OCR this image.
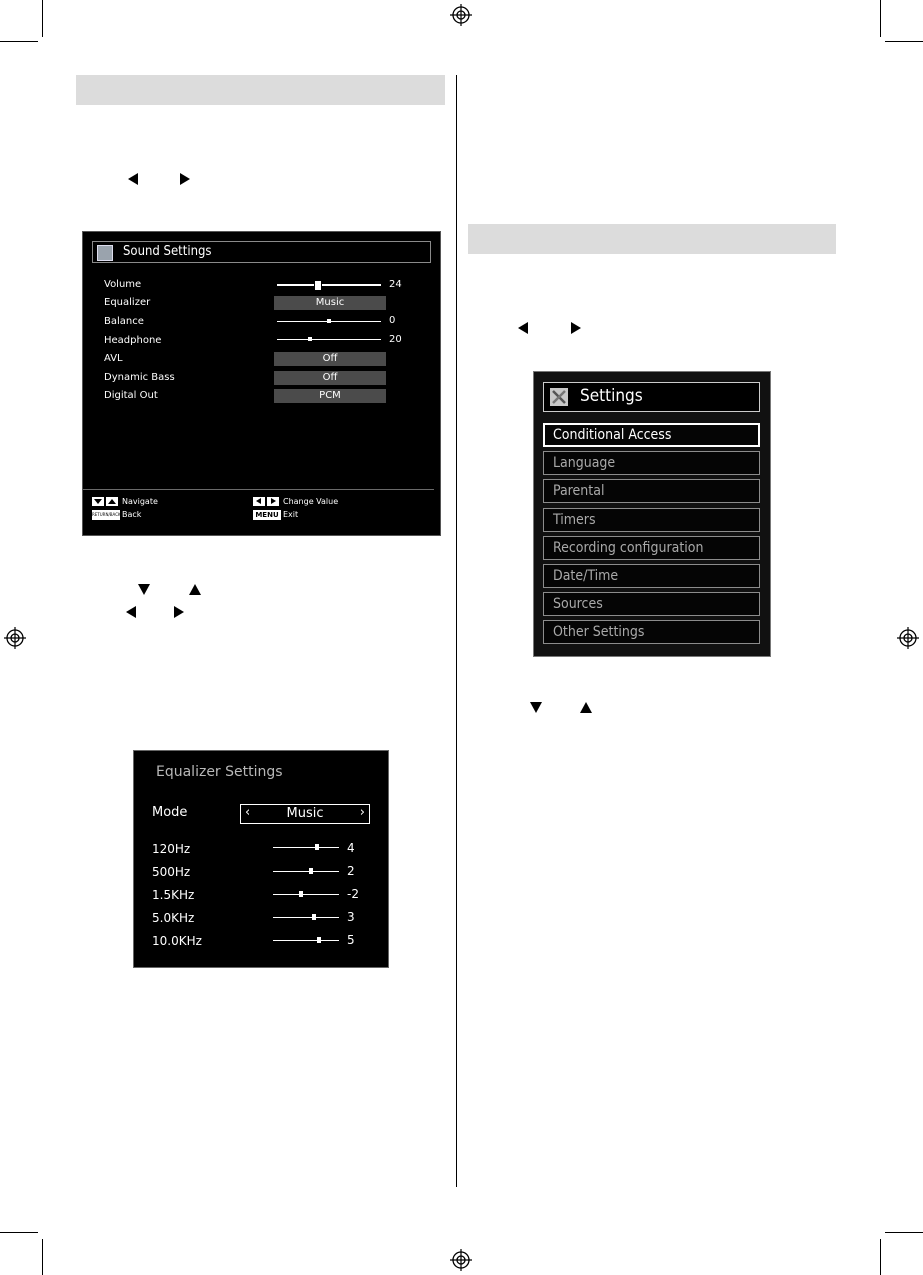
Sound Settings
Volume	24
Equalizer	Music
Balance	0
Headphone	20
AVL	Off
Dynamic Bass	Off
Digital Out	PCM
Navigate
RETURN/BACK Back
Change Value
MENU Exit
Equalizer Settings
Mode	‹	Music	›
120Hz	4
500Hz	2
1.5KHz	-2
5.0KHz	3
10.0KHz	5
Settings
Conditional Access
Language
Parental
Timers
Recording configuration
Date/Time
Sources
Other Settings
